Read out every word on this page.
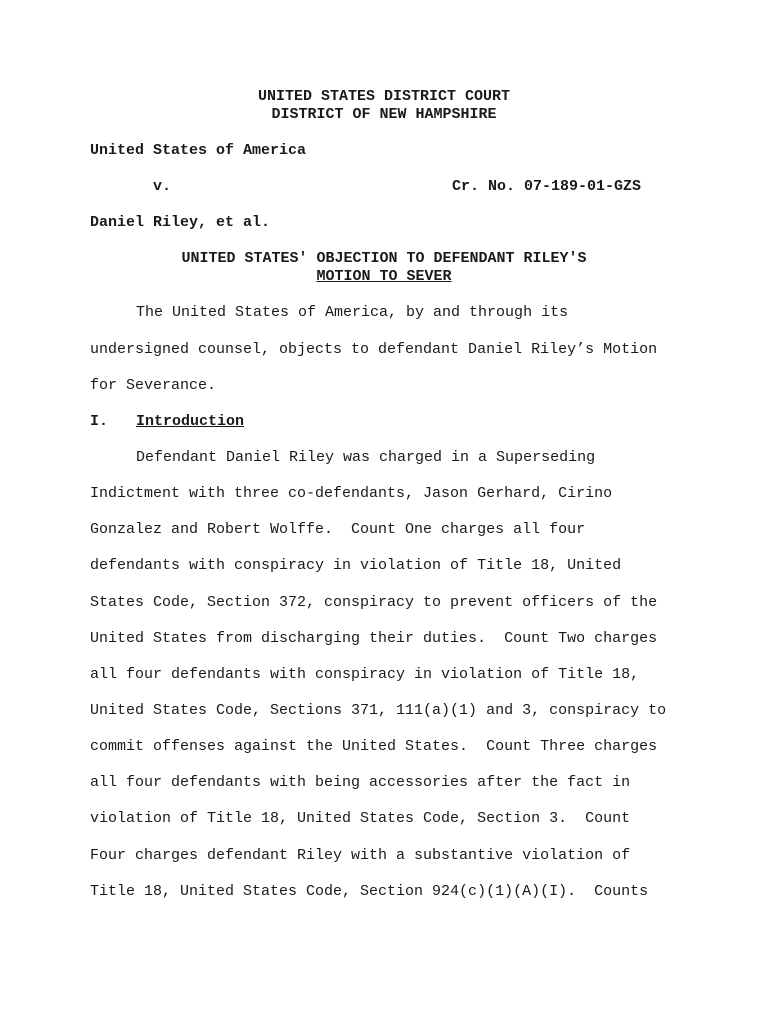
UNITED STATES DISTRICT COURT
DISTRICT OF NEW HAMPSHIRE
United States of America
v.	Cr. No. 07-189-01-GZS
Daniel Riley, et al.
UNITED STATES' OBJECTION TO DEFENDANT RILEY'S
MOTION TO SEVER
The United States of America, by and through its
undersigned counsel, objects to defendant Daniel Riley’s Motion
for Severance.
I. Introduction
Defendant Daniel Riley was charged in a Superseding
Indictment with three co-defendants, Jason Gerhard, Cirino
Gonzalez and Robert Wolffe.  Count One charges all four
defendants with conspiracy in violation of Title 18, United
States Code, Section 372, conspiracy to prevent officers of the
United States from discharging their duties.  Count Two charges
all four defendants with conspiracy in violation of Title 18,
United States Code, Sections 371, 111(a)(1) and 3, conspiracy to
commit offenses against the United States.  Count Three charges
all four defendants with being accessories after the fact in
violation of Title 18, United States Code, Section 3.  Count
Four charges defendant Riley with a substantive violation of
Title 18, United States Code, Section 924(c)(1)(A)(I).  Counts
